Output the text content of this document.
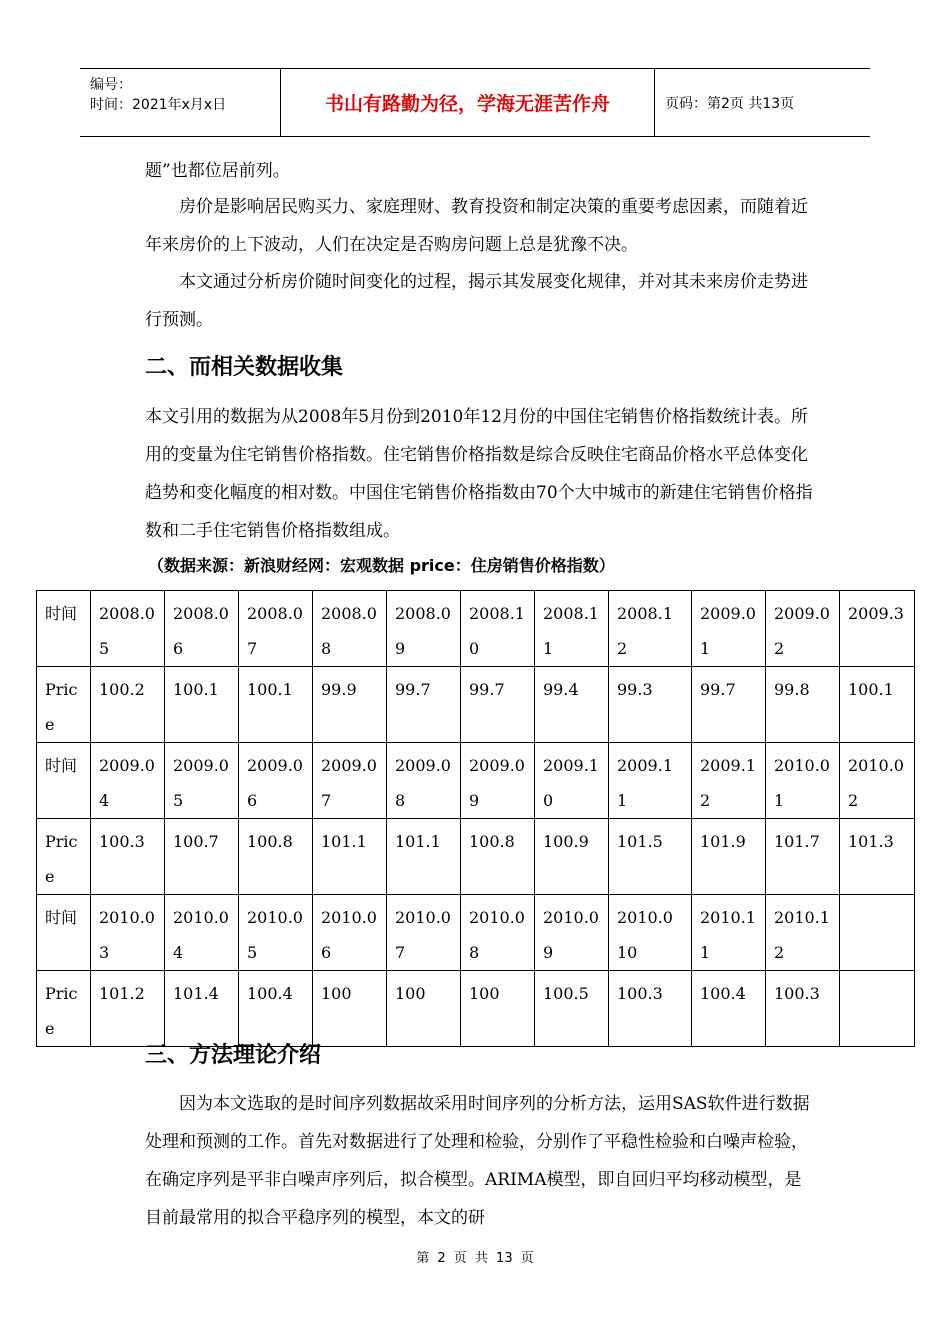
编号：
时间：2021年x月x日	书山有路勤为径，学海无涯苦作舟	页码：第2页 共13页

题”也都位居前列。

房价是影响居民购买力、家庭理财、教育投资和制定决策的重要考虑因素，而随着近年来房价的上下波动，人们在决定是否购房问题上总是犹豫不决。

本文通过分析房价随时间变化的过程，揭示其发展变化规律，并对其未来房价走势进行预测。

二、而相关数据收集

本文引用的数据为从2008年5月份到2010年12月份的中国住宅销售价格指数统计表。所用的变量为住宅销售价格指数。住宅销售价格指数是综合反映住宅商品价格水平总体变化趋势和变化幅度的相对数。中国住宅销售价格指数由70个大中城市的新建住宅销售价格指数和二手住宅销售价格指数组成。

（数据来源：新浪财经网：宏观数据 price：住房销售价格指数）
时间	2008.05	2008.06	2008.07	2008.08	2008.09	2008.10	2008.11	2008.12	2009.01	2009.02	2009.3
Price	100.2	100.1	100.1	99.9	99.7	99.7	99.4	99.3	99.7	99.8	100.1
时间	2009.04	2009.05	2009.06	2009.07	2009.08	2009.09	2009.10	2009.11	2009.12	2010.01	2010.02
Price	100.3	100.7	100.8	101.1	101.1	100.8	100.9	101.5	101.9	101.7	101.3
时间	2010.03	2010.04	2010.05	2010.06	2010.07	2010.08	2010.09	2010.010	2010.11	2010.12	
Price	101.2	101.4	100.4	100	100	100	100.5	100.3	100.4	100.3	
三、方法理论介绍

因为本文选取的是时间序列数据故采用时间序列的分析方法，运用SAS软件进行数据处理和预测的工作。首先对数据进行了处理和检验，分别作了平稳性检验和白噪声检验，在确定序列是平非白噪声序列后，拟合模型。ARIMA模型，即自回归平均移动模型，是目前最常用的拟合平稳序列的模型，本文的研

第 2 页 共 13 页
